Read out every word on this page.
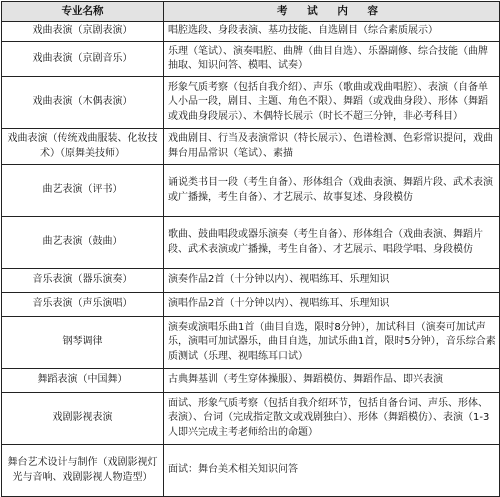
专业名称	考 试 内 容
戏曲表演（京剧表演）	唱腔选段、身段表演、基功技能、自选剧目（综合素质展示）
戏曲表演（京剧音乐）	乐理（笔试）、演奏唱腔、曲牌（曲目自选）、乐器副修、综合技能（曲牌抽取、知识问答、模唱、试奏）
戏曲表演（木偶表演）	形象气质考察（包括自我介绍）、声乐（歌曲或戏曲唱腔）、表演（自备单人小品一段，剧目、主题、角色不限）、舞蹈（或戏曲身段）、形体（舞蹈或戏曲身段展示）、木偶特长展示（时长不超三分钟，非必考科目）
戏曲表演（传统戏曲服装、化妆技术）（原舞美技师）	戏曲剧目、行当及表演常识（特长展示）、色谱检测、色彩常识提问，戏曲舞台用品常识（笔试）、素描
曲艺表演（评书）	诵说类书目一段（考生自备）、形体组合（戏曲表演、舞蹈片段、武术表演或广播操，考生自备）、才艺展示、故事复述、身段模仿
曲艺表演（鼓曲）	歌曲、鼓曲唱段或器乐演奏（考生自备）、形体组合（戏曲表演、舞蹈片段、武术表演或广播操，考生自备）、才艺展示、唱段学唱、身段模仿
音乐表演（器乐演奏）	演奏作品2首（十分钟以内）、视唱练耳、乐理知识
音乐表演（声乐演唱）	演唱作品2首（十分钟以内）、视唱练耳、乐理知识
钢琴调律	演奏或演唱乐曲1首（曲目自选，限时8分钟），加试科目（演奏可加试声乐，演唱可加试器乐，曲目自选，加试乐曲1首，限时5分钟），音乐综合素质测试（乐理、视唱练耳口试）
舞蹈表演（中国舞）	古典舞基训（考生穿体操服）、舞蹈模仿、舞蹈作品、即兴表演
戏剧影视表演	面试、形象气质考察（包括自我介绍环节，包括自备台词、声乐、形体、表演）、台词（完成指定散文或戏剧独白）、形体（舞蹈模仿）、表演（1-3人即兴完成主考老师给出的命题）
舞台艺术设计与制作（戏剧影视灯光与音响、戏剧影视人物造型）	面试：舞台美术相关知识问答
